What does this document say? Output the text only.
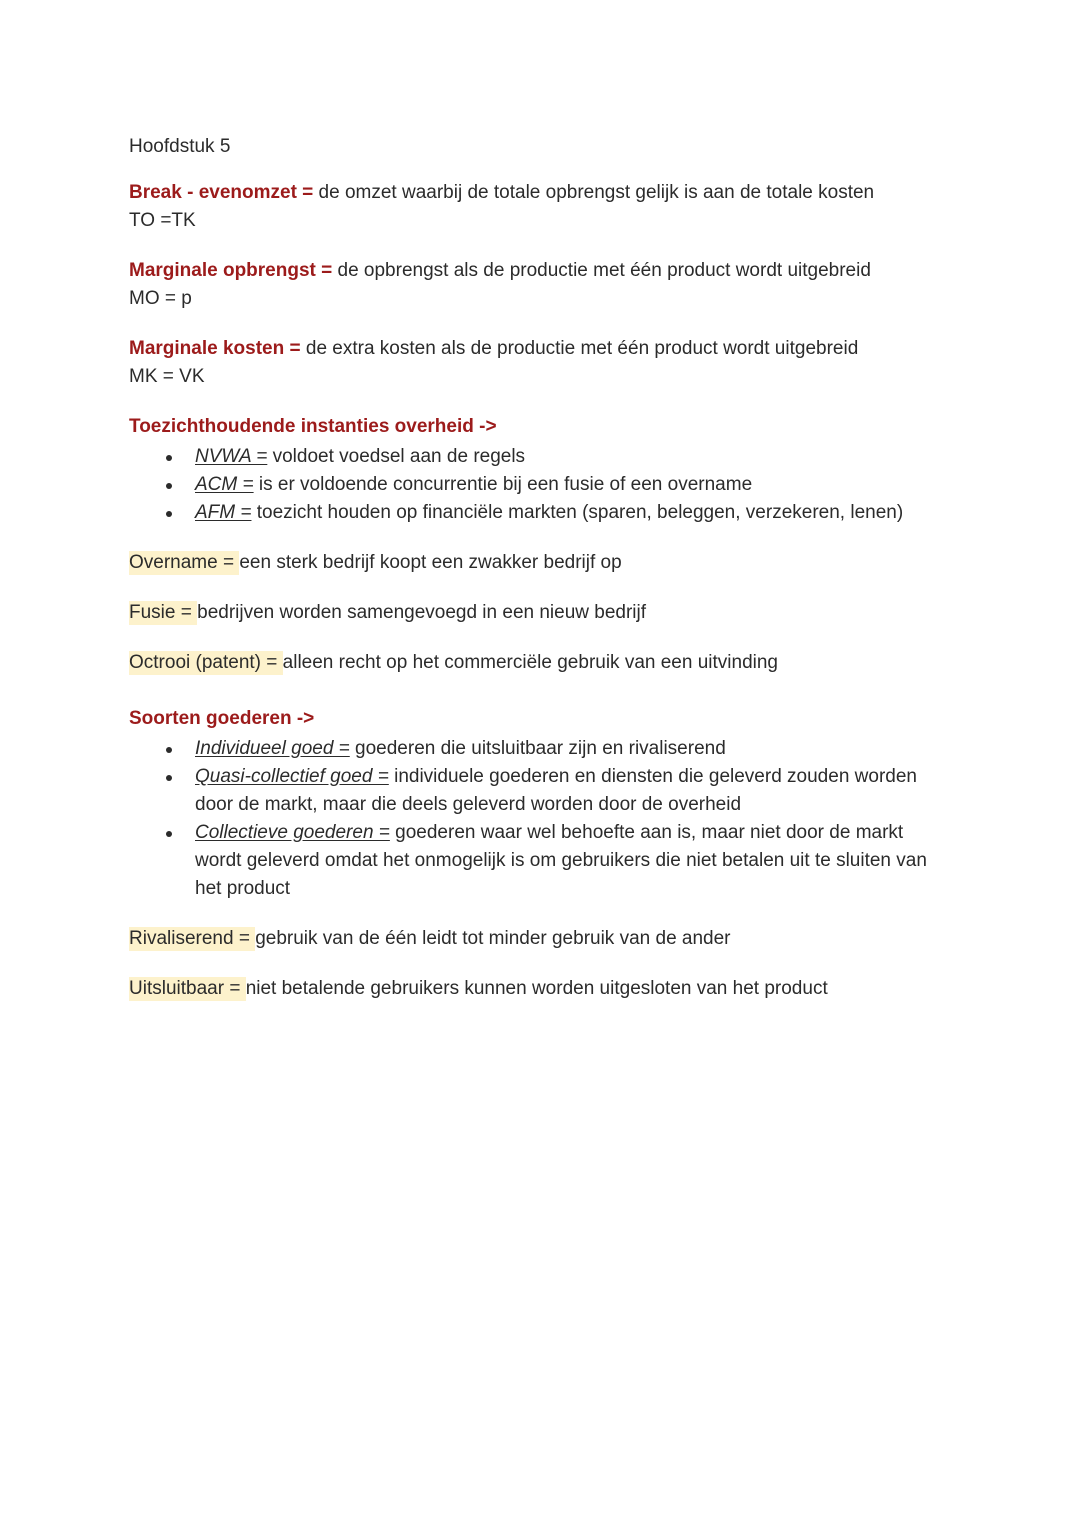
Hoofdstuk 5

Break - evenomzet = de omzet waarbij de totale opbrengst gelijk is aan de totale kosten
TO =TK

Marginale opbrengst = de opbrengst als de productie met één product wordt uitgebreid
MO = p

Marginale kosten = de extra kosten als de productie met één product wordt uitgebreid
MK = VK

Toezichthoudende instanties overheid ->
NVWA = voldoet voedsel aan de regels
ACM = is er voldoende concurrentie bij een fusie of een overname
AFM = toezicht houden op financiële markten (sparen, beleggen, verzekeren, lenen)

Overname = een sterk bedrijf koopt een zwakker bedrijf op

Fusie = bedrijven worden samengevoegd in een nieuw bedrijf

Octrooi (patent) = alleen recht op het commerciële gebruik van een uitvinding

Soorten goederen ->
Individueel goed = goederen die uitsluitbaar zijn en rivaliserend
Quasi-collectief goed = individuele goederen en diensten die geleverd zouden worden door de markt, maar die deels geleverd worden door de overheid
Collectieve goederen = goederen waar wel behoefte aan is, maar niet door de markt wordt geleverd omdat het onmogelijk is om gebruikers die niet betalen uit te sluiten van het product

Rivaliserend = gebruik van de één leidt tot minder gebruik van de ander

Uitsluitbaar = niet betalende gebruikers kunnen worden uitgesloten van het product
